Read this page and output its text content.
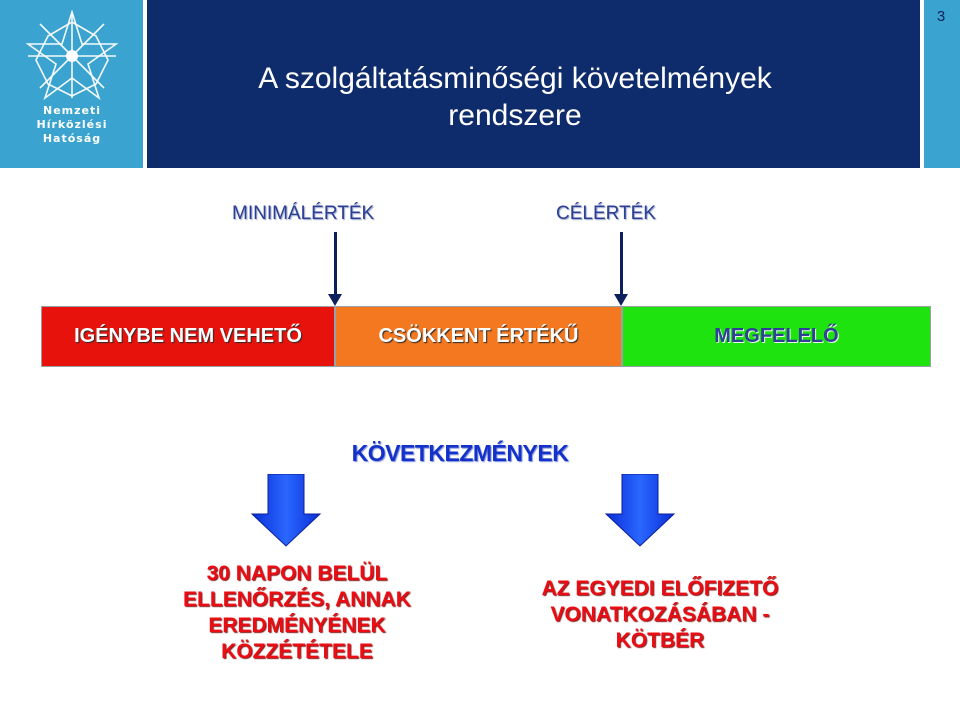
Nemzeti
Hírközlési
Hatóság
A szolgáltatásminőségi követelmények
rendszere
3
MINIMÁLÉRTÉK	CÉLÉRTÉK
IGÉNYBE NEM VEHETŐ	CSÖKKENT ÉRTÉKŰ	MEGFELELŐ
KÖVETKEZMÉNYEK
30 NAPON BELÜL
ELLENŐRZÉS, ANNAK
EREDMÉNYÉNEK
KÖZZÉTÉTELE
AZ EGYEDI ELŐFIZETŐ
VONATKOZÁSÁBAN -
KÖTBÉR
